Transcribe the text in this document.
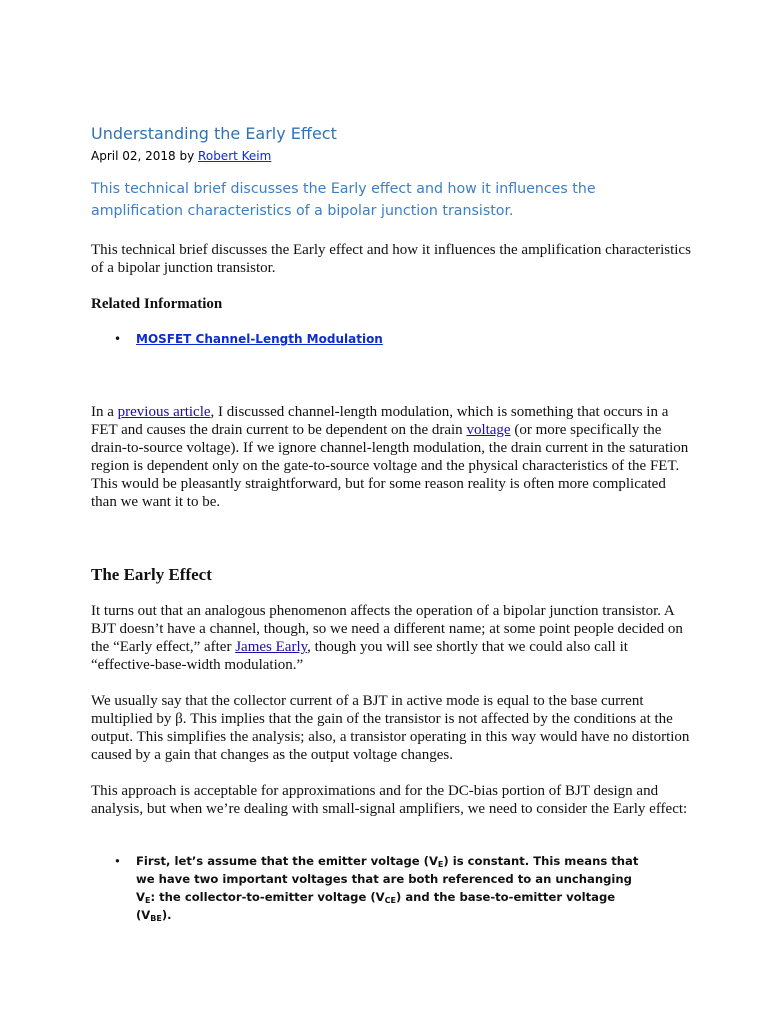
Understanding the Early Effect
April 02, 2018 by Robert Keim
This technical brief discusses the Early effect and how it influences the amplification characteristics of a bipolar junction transistor.
This technical brief discusses the Early effect and how it influences the amplification characteristics of a bipolar junction transistor.
Related Information
• MOSFET Channel-Length Modulation
In a previous article, I discussed channel-length modulation, which is something that occurs in a FET and causes the drain current to be dependent on the drain voltage (or more specifically the drain-to-source voltage). If we ignore channel-length modulation, the drain current in the saturation region is dependent only on the gate-to-source voltage and the physical characteristics of the FET. This would be pleasantly straightforward, but for some reason reality is often more complicated than we want it to be.
The Early Effect
It turns out that an analogous phenomenon affects the operation of a bipolar junction transistor. A BJT doesn’t have a channel, though, so we need a different name; at some point people decided on the “Early effect,” after James Early, though you will see shortly that we could also call it “effective-base-width modulation.”
We usually say that the collector current of a BJT in active mode is equal to the base current multiplied by β. This implies that the gain of the transistor is not affected by the conditions at the output. This simplifies the analysis; also, a transistor operating in this way would have no distortion caused by a gain that changes as the output voltage changes.
This approach is acceptable for approximations and for the DC-bias portion of BJT design and analysis, but when we’re dealing with small-signal amplifiers, we need to consider the Early effect:
• First, let’s assume that the emitter voltage $(V_E)$ is constant. This means that we have two important voltages that are both referenced to an unchanging $V_E$: the collector-to-emitter voltage $(V_{CE})$ and the base-to-emitter voltage $(V_{BE})$.
